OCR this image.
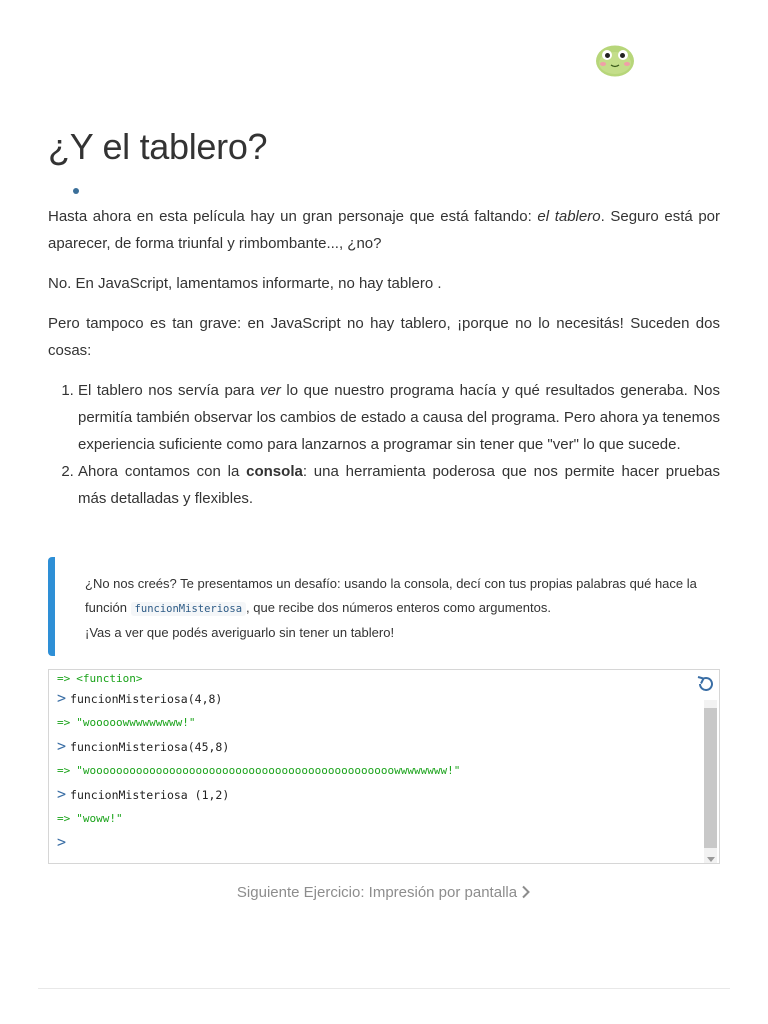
¿Y el tablero?

Hasta ahora en esta película hay un gran personaje que está faltando: el tablero. Seguro está por aparecer, de forma triunfal y rimbombante..., ¿no?

No. En JavaScript, lamentamos informarte, no hay tablero .

Pero tampoco es tan grave: en JavaScript no hay tablero, ¡porque no lo necesitás! Suceden dos cosas:

1. El tablero nos servía para ver lo que nuestro programa hacía y qué resultados generaba. Nos permitía también observar los cambios de estado a causa del programa. Pero ahora ya tenemos experiencia suficiente como para lanzarnos a programar sin tener que "ver" lo que sucede.
2. Ahora contamos con la consola: una herramienta poderosa que nos permite hacer pruebas más detalladas y flexibles.

¿No nos creés? Te presentamos un desafío: usando la consola, decí con tus propias palabras qué hace la función funcionMisteriosa , que recibe dos números enteros como argumentos.

¡Vas a ver que podés averiguarlo sin tener un tablero!

=> <function>
> funcionMisteriosa(4,8)
=> "wooooowwwwwwwww!"
> funcionMisteriosa(45,8)
=> "woooooooooooooooooooooooooooooooooooooooooooooowwwwwwww!"
> funcionMisteriosa (1,2)
=> "woww!"
>
Siguiente Ejercicio: Impresión por pantalla
